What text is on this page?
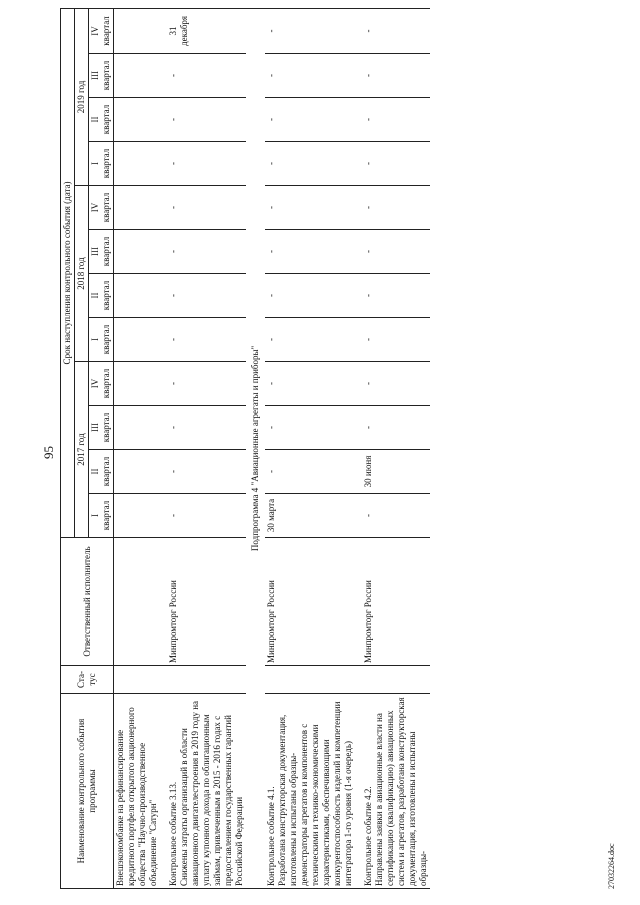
95
Наименование контрольного события программы	Ста-
тус	Ответственный исполнитель	Срок наступления контрольного события (дата)											
			2017 год				2018 год				2019 год			
			I
квартал	II
квартал	III
квартал	IV
квартал	I
квартал	II
квартал	III
квартал	IV
квартал	I
квартал	II
квартал	III
квартал	IV
квартал
Внешэкономбанке на рефинансирование кредитного портфеля открытого акционерного общества "Научно-производственное объединение "Сатурн"														
Контрольное событие 3.13.
Снижены затраты организаций в области авиационного двигателестроения в 2019 году на уплату купонного дохода по облигационным займам, привлеченным в 2015 - 2016 годах с предоставлением государственных гарантий Российской Федерации		Минпромторг России	-	-	-	-	-	-	-	-	-	-	-	31 декабря
Подпрограмма 4 "Авиационные агрегаты и приборы"														
Контрольное событие 4.1.
Разработана конструкторская документация, изготовлены и испытаны образцы-демонстраторы агрегатов и компонентов с техническими и технико-экономическими характеристиками, обеспечивающими конкурентоспособность изделий и компетенции интегратора 1-го уровня (1-я очередь)		Минпромторг России	30 марта	-	-	-	-	-	-	-	-	-	-	-
Контрольное событие 4.2.
Направлены заявки в авиационные власти на сертификацию (квалификацию) авиационных систем и агрегатов, разработана конструкторская документация, изготовлены и испытаны образцы-		Минпромторг России	-	30 июня	-	-	-	-	-	-	-	-	-	-
27032264.doc
